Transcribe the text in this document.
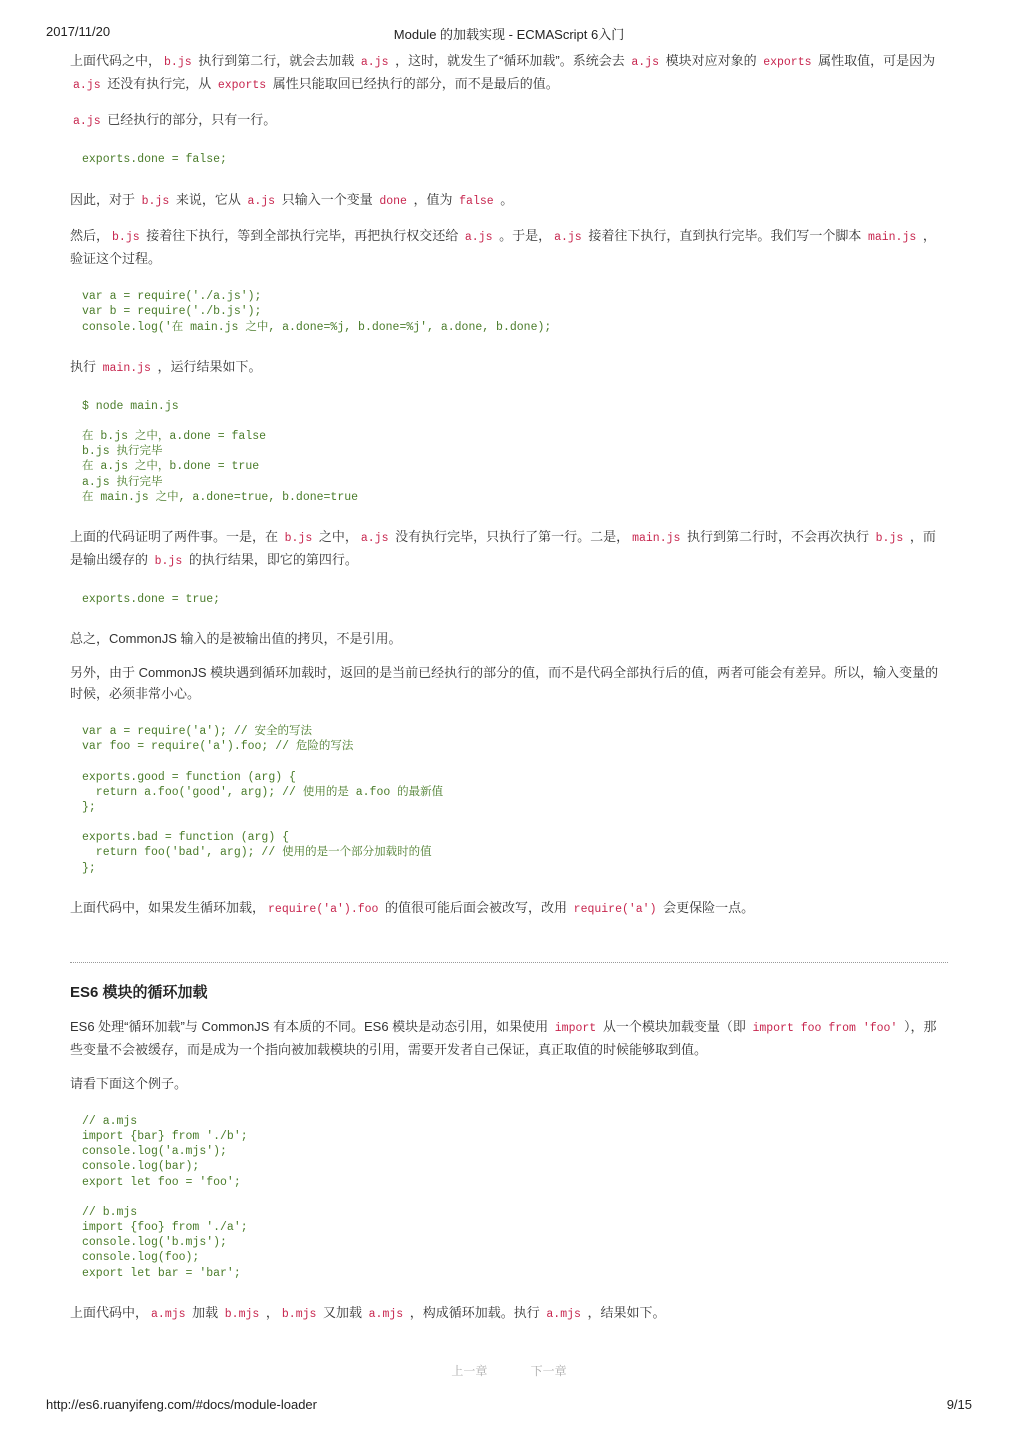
2017/11/20	Module 的加载实现 - ECMAScript 6入门

上面代码之中， b.js 执行到第二行，就会去加载 a.js ，这时，就发生了“循环加载”。系统会去 a.js 模块对应对象的 exports 属性取值，可是因为 a.js 还没有执行完，从 exports 属性只能取回已经执行的部分，而不是最后的值。

a.js 已经执行的部分，只有一行。

exports.done = false;

因此，对于 b.js 来说，它从 a.js 只输入一个变量 done ，值为 false 。

然后， b.js 接着往下执行，等到全部执行完毕，再把执行权交还给 a.js 。于是， a.js 接着往下执行，直到执行完毕。我们写一个脚本 main.js ，验证这个过程。

var a = require('./a.js');
var b = require('./b.js');
console.log('在 main.js 之中, a.done=%j, b.done=%j', a.done, b.done);

执行 main.js ，运行结果如下。

$ node main.js
在 b.js 之中，a.done = false
b.js 执行完毕
在 a.js 之中，b.done = true
a.js 执行完毕
在 main.js 之中, a.done=true, b.done=true

上面的代码证明了两件事。一是，在 b.js 之中， a.js 没有执行完毕，只执行了第一行。二是， main.js 执行到第二行时，不会再次执行 b.js ，而是输出缓存的 b.js 的执行结果，即它的第四行。

exports.done = true;

总之，CommonJS 输入的是被输出值的拷贝，不是引用。

另外，由于 CommonJS 模块遇到循环加载时，返回的是当前已经执行的部分的值，而不是代码全部执行后的值，两者可能会有差异。所以，输入变量的时候，必须非常小心。

var a = require('a'); // 安全的写法
var foo = require('a').foo; // 危险的写法
exports.good = function (arg) {
return a.foo('good', arg); // 使用的是 a.foo 的最新值
};
exports.bad = function (arg) {
return foo('bad', arg); // 使用的是一个部分加载时的值
};

上面代码中，如果发生循环加载， require('a').foo 的值很可能后面会被改写，改用 require('a') 会更保险一点。

ES6 模块的循环加载

ES6 处理“循环加载”与 CommonJS 有本质的不同。ES6 模块是动态引用，如果使用 import 从一个模块加载变量（即 import foo from 'foo' ），那些变量不会被缓存，而是成为一个指向被加载模块的引用，需要开发者自己保证，真正取值的时候能够取到值。

请看下面这个例子。

// a.mjs
import {bar} from './b';
console.log('a.mjs');
console.log(bar);
export let foo = 'foo';
// b.mjs
import {foo} from './a';
console.log('b.mjs');
console.log(foo);
export let bar = 'bar';

上面代码中， a.mjs 加载 b.mjs ， b.mjs 又加载 a.mjs ，构成循环加载。执行 a.mjs ，结果如下。

上一章	下一章
http://es6.ruanyifeng.com/#docs/module-loader	9/15
